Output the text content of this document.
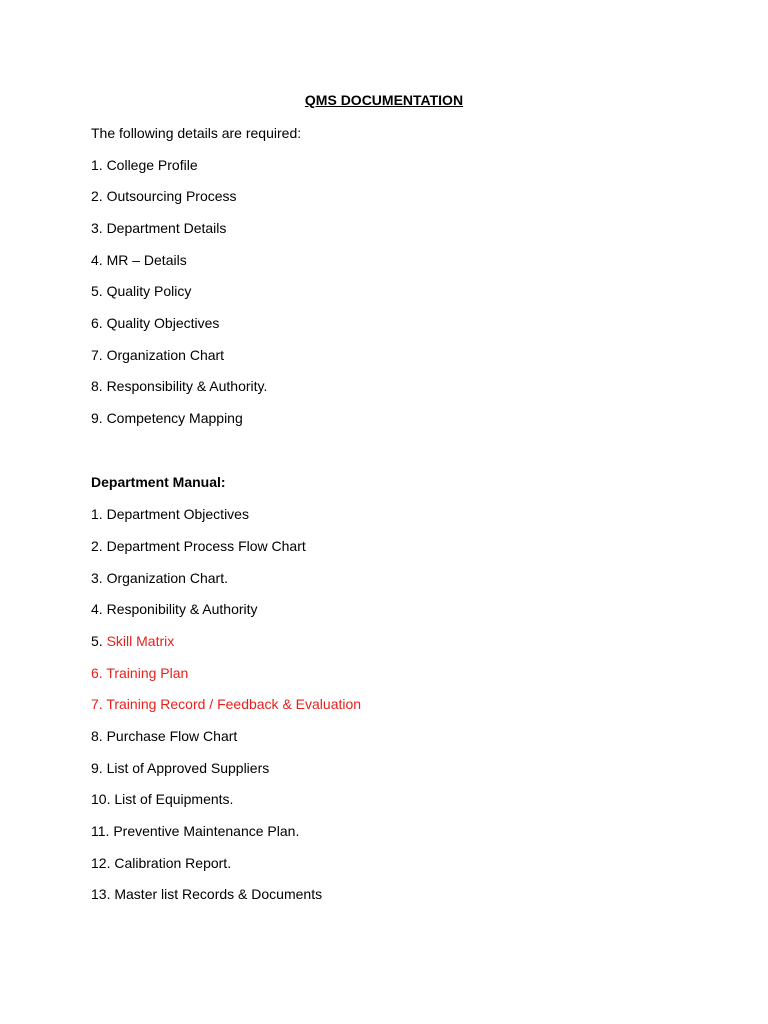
QMS DOCUMENTATION
The following details are required:
1. College Profile
2. Outsourcing Process
3. Department Details
4. MR – Details
5. Quality Policy
6. Quality Objectives
7. Organization Chart
8. Responsibility & Authority.
9. Competency Mapping
Department Manual:
1. Department Objectives
2. Department Process Flow Chart
3. Organization Chart.
4. Responibility & Authority
5. Skill Matrix
6. Training Plan
7. Training Record / Feedback & Evaluation
8. Purchase Flow Chart
9. List of Approved Suppliers
10. List of Equipments.
11. Preventive Maintenance Plan.
12. Calibration Report.
13. Master list Records & Documents
